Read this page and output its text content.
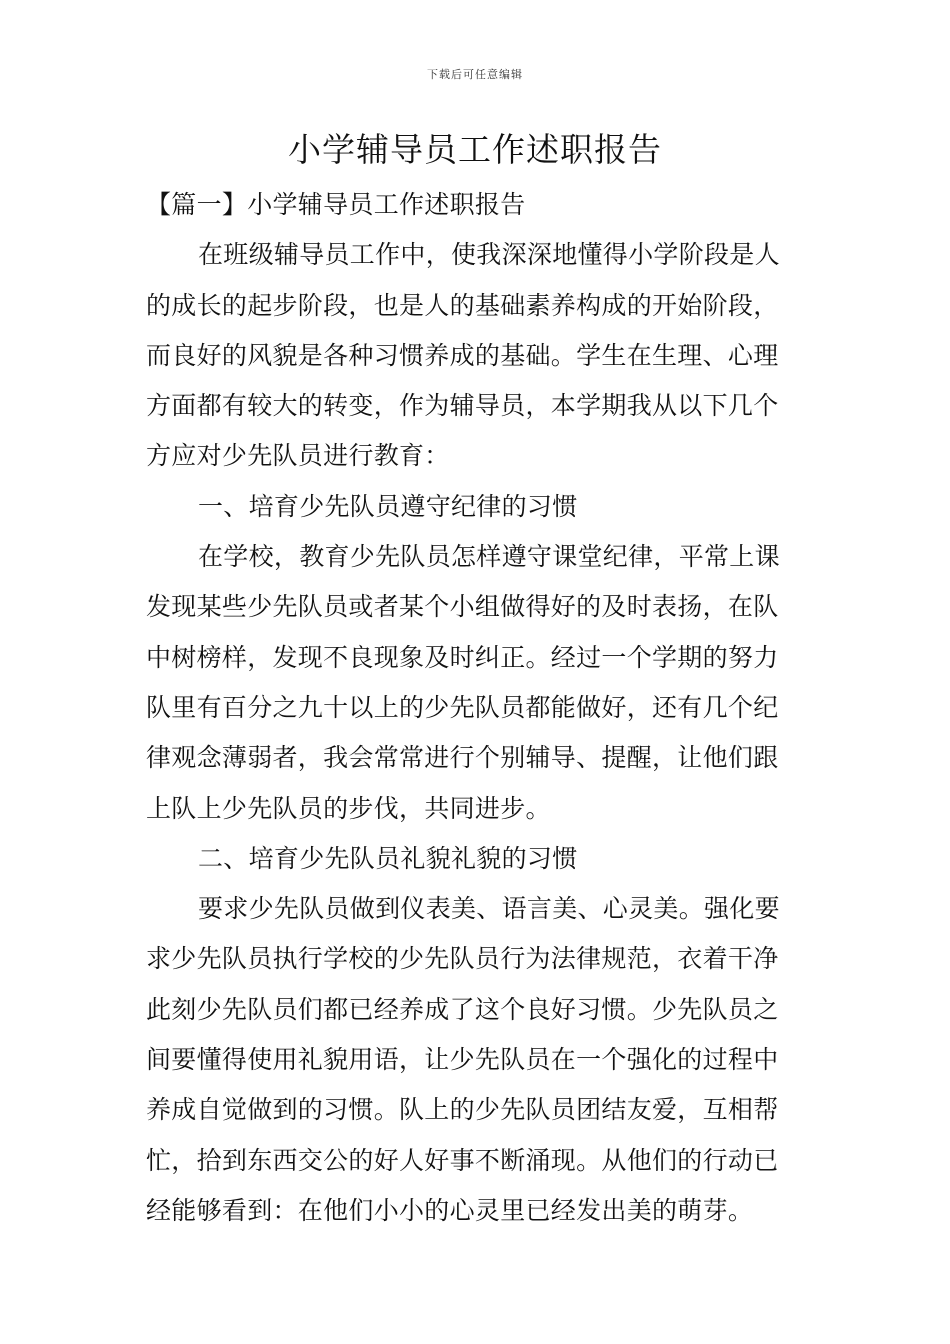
下载后可任意编辑
小学辅导员工作述职报告
【篇一】小学辅导员工作述职报告
在班级辅导员工作中，使我深深地懂得小学阶段是人
的成长的起步阶段，也是人的基础素养构成的开始阶段，
而良好的风貌是各种习惯养成的基础。学生在生理、心理
方面都有较大的转变，作为辅导员，本学期我从以下几个
方应对少先队员进行教育：
一、培育少先队员遵守纪律的习惯
在学校，教育少先队员怎样遵守课堂纪律，平常上课
发现某些少先队员或者某个小组做得好的及时表扬，在队
中树榜样，发现不良现象及时纠正。经过一个学期的努力
队里有百分之九十以上的少先队员都能做好，还有几个纪
律观念薄弱者，我会常常进行个别辅导、提醒，让他们跟
上队上少先队员的步伐，共同进步。
二、培育少先队员礼貌礼貌的习惯
要求少先队员做到仪表美、语言美、心灵美。强化要
求少先队员执行学校的少先队员行为法律规范，衣着干净
此刻少先队员们都已经养成了这个良好习惯。少先队员之
间要懂得使用礼貌用语，让少先队员在一个强化的过程中
养成自觉做到的习惯。队上的少先队员团结友爱，互相帮
忙，拾到东西交公的好人好事不断涌现。从他们的行动已
经能够看到：在他们小小的心灵里已经发出美的萌芽。
